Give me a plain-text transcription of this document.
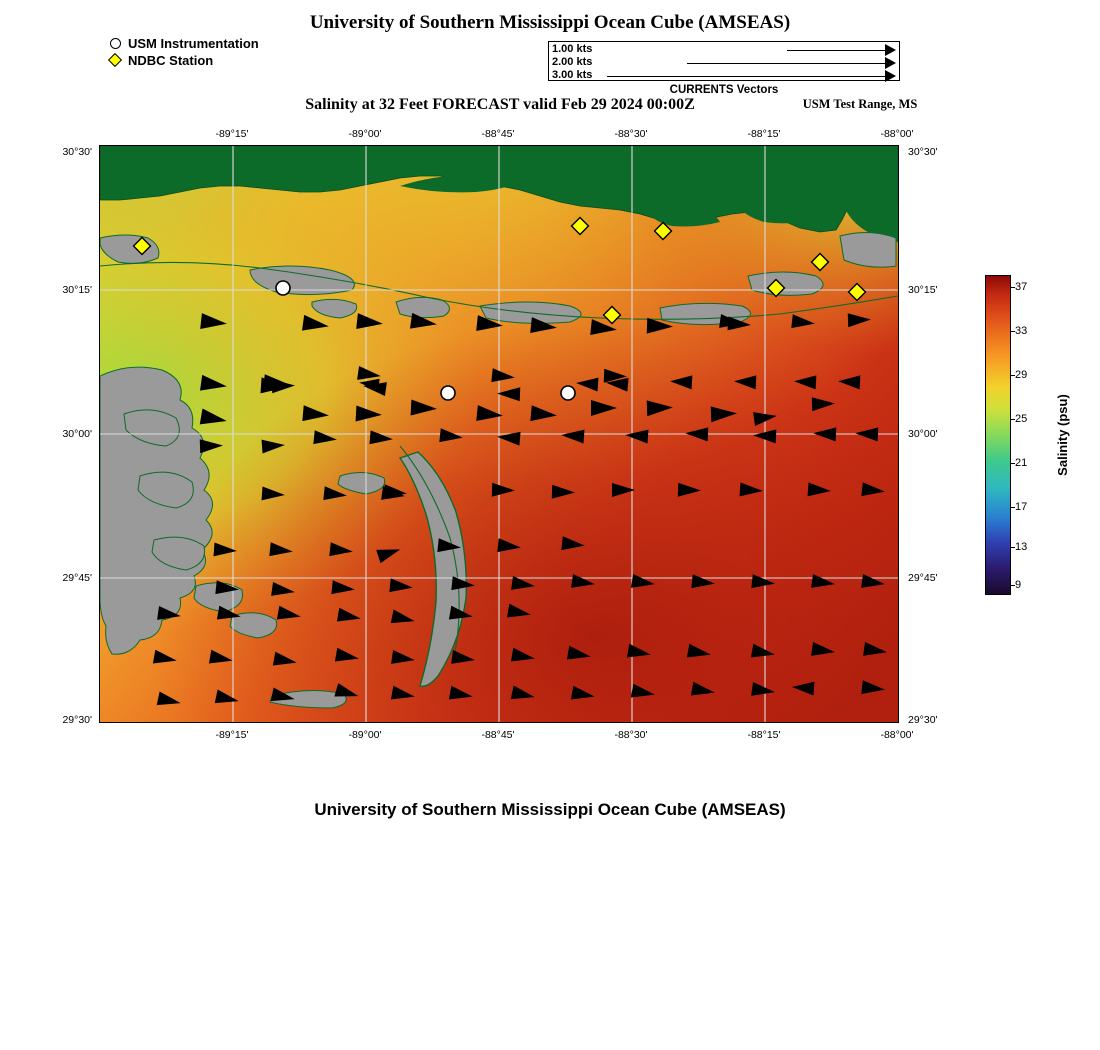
University of Southern Mississippi Ocean Cube (AMSEAS)
USM Instrumentation
NDBC Station
1.00 kts
2.00 kts
3.00 kts
CURRENTS Vectors
Salinity at 32 Feet FORECAST valid Feb 29 2024 00:00Z	USM Test Range, MS
-89°15'	-89°00'	-88°45'	-88°30'	-88°15'	-88°00'
-89°15'	-89°00'	-88°45'	-88°30'	-88°15'	-88°00'
30°30'
30°15'
30°00'
29°45'
29°30'
30°30'
30°15'
30°00'
29°45'
29°30'
37
33
29
25
21
17
13
9
Salinity (psu)
University of Southern Mississippi Ocean Cube (AMSEAS)
